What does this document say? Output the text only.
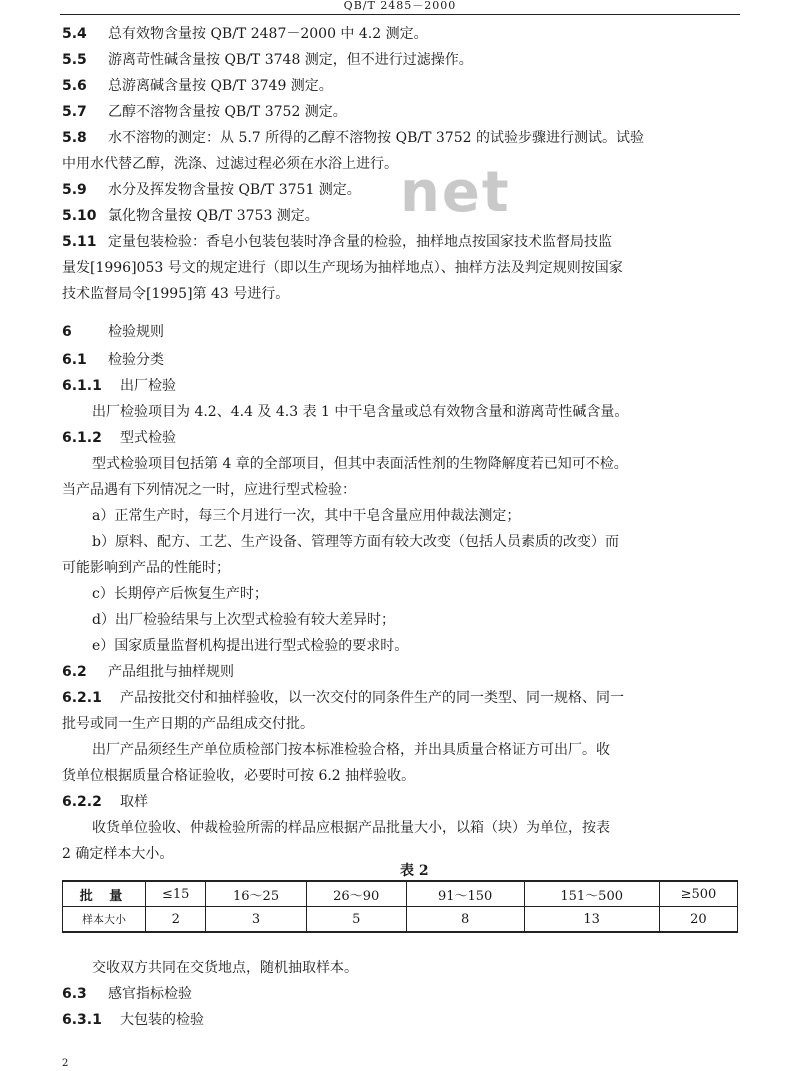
QB/T 2485－2000
net
5.4 总有效物含量按 QB/T 2487－2000 中 4.2 测定。
5.5 游离苛性碱含量按 QB/T 3748 测定，但不进行过滤操作。
5.6 总游离碱含量按 QB/T 3749 测定。
5.7 乙醇不溶物含量按 QB/T 3752 测定。
5.8 水不溶物的测定：从 5.7 所得的乙醇不溶物按 QB/T 3752 的试验步骤进行测试。试验
中用水代替乙醇，洗涤、过滤过程必须在水浴上进行。
5.9 水分及挥发物含量按 QB/T 3751 测定。
5.10 氯化物含量按 QB/T 3753 测定。
5.11 定量包装检验：香皂小包装包装时净含量的检验，抽样地点按国家技术监督局技监
量发[1996]053 号文的规定进行（即以生产现场为抽样地点）、抽样方法及判定规则按国家
技术监督局令[1995]第 43 号进行。
6	检验规则
6.1 检验分类
6.1.1 出厂检验
出厂检验项目为 4.2、4.4 及 4.3 表 1 中干皂含量或总有效物含量和游离苛性碱含量。
6.1.2 型式检验
型式检验项目包括第 4 章的全部项目，但其中表面活性剂的生物降解度若已知可不检。
当产品遇有下列情况之一时，应进行型式检验：
a）正常生产时，每三个月进行一次，其中干皂含量应用仲裁法测定；
b）原料、配方、工艺、生产设备、管理等方面有较大改变（包括人员素质的改变）而
可能影响到产品的性能时；
c）长期停产后恢复生产时；
d）出厂检验结果与上次型式检验有较大差异时；
e）国家质量监督机构提出进行型式检验的要求时。
6.2 产品组批与抽样规则
6.2.1 产品按批交付和抽样验收，以一次交付的同条件生产的同一类型、同一规格、同一
批号或同一生产日期的产品组成交付批。
出厂产品须经生产单位质检部门按本标准检验合格，并出具质量合格证方可出厂。收
货单位根据质量合格证验收，必要时可按 6.2 抽样验收。
6.2.2 取样
收货单位验收、仲裁检验所需的样品应根据产品批量大小，以箱（块）为单位，按表
2 确定样本大小。
表 2
批 量	≤15	16～25	26～90	91～150	151～500	≥500
样本大小	2	3	5	8	13	20
交收双方共同在交货地点，随机抽取样本。
6.3 感官指标检验
6.3.1 大包装的检验
2
